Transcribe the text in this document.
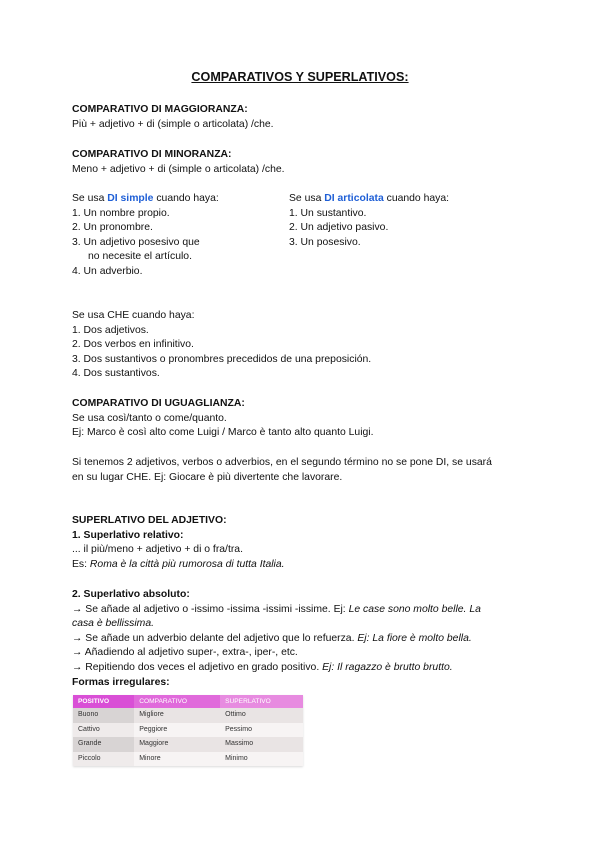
COMPARATIVOS Y SUPERLATIVOS:
COMPARATIVO DI MAGGIORANZA:
Più + adjetivo + di (simple o articolata) /che.
COMPARATIVO DI MINORANZA:
Meno + adjetivo + di (simple o articolata) /che.
Se usa DI simple cuando haya:
1. Un nombre propio.
2. Un pronombre.
3. Un adjetivo posesivo que
no necesite el artículo.
4. Un adverbio.
Se usa DI articolata cuando haya:
1. Un sustantivo.
2. Un adjetivo pasivo.
3. Un posesivo.
Se usa CHE cuando haya:
1. Dos adjetivos.
2. Dos verbos en infinitivo.
3. Dos sustantivos o pronombres precedidos de una preposición.
4. Dos sustantivos.
COMPARATIVO DI UGUAGLIANZA:
Se usa così/tanto o come/quanto.
Ej: Marco è così alto come Luigi / Marco è tanto alto quanto Luigi.
Si tenemos 2 adjetivos, verbos o adverbios, en el segundo término no se pone DI, se usará
en su lugar CHE. Ej: Giocare è più divertente che lavorare.
SUPERLATIVO DEL ADJETIVO:
1. Superlativo relativo:
... il più/meno + adjetivo + di o fra/tra.
Es: Roma è la città più rumorosa di tutta Italia.
2. Superlativo absoluto:
→ Se añade al adjetivo o -issimo -issima -issimi -issime. Ej: Le case sono molto belle. La
casa è bellissima.
→ Se añade un adverbio delante del adjetivo que lo refuerza. Ej: La fiore è molto bella.
→ Añadiendo al adjetivo super-, extra-, iper-, etc.
→ Repitiendo dos veces el adjetivo en grado positivo. Ej: Il ragazzo è brutto brutto.
Formas irregulares:
POSITIVO	COMPARATIVO	SUPERLATIVO
Buono	Migliore	Ottimo
Cattivo	Peggiore	Pessimo
Grande	Maggiore	Massimo
Piccolo	Minore	Minimo
